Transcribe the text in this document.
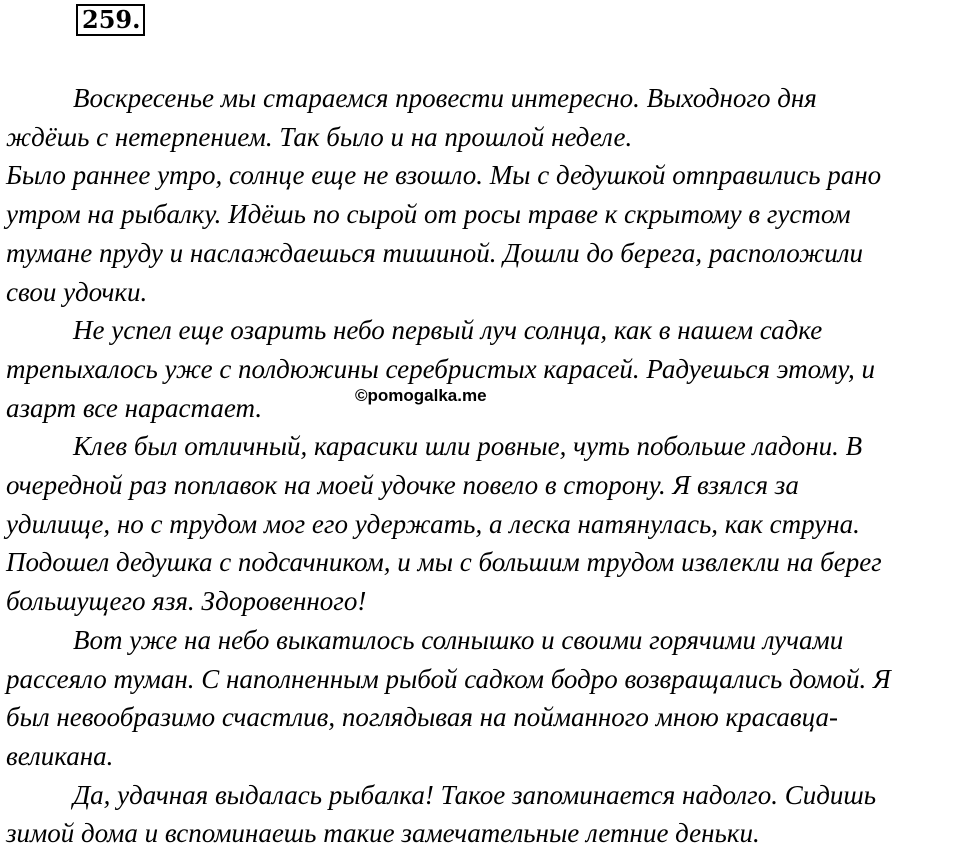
259.
Воскресенье мы стараемся провести интересно. Выходного дня
ждёшь с нетерпением. Так было и на прошлой неделе.
Было раннее утро, солнце еще не взошло. Мы с дедушкой отправились рано
утром на рыбалку. Идёшь по сырой от росы траве к скрытому в густом
тумане пруду и наслаждаешься тишиной. Дошли до берега, расположили
свои удочки.
Не успел еще озарить небо первый луч солнца, как в нашем садке
трепыхалось уже с полдюжины серебристых карасей. Радуешься этому, и
азарт все нарастает.
Клев был отличный, карасики шли ровные, чуть побольше ладони. В
очередной раз поплавок на моей удочке повело в сторону. Я взялся за
удилище, но с трудом мог его удержать, а леска натянулась, как струна.
Подошел дедушка с подсачником, и мы с большим трудом извлекли на берег
большущего язя. Здоровенного!
Вот уже на небо выкатилось солнышко и своими горячими лучами
рассеяло туман. С наполненным рыбой садком бодро возвращались домой. Я
был невообразимо счастлив, поглядывая на пойманного мною красавца-
великана.
Да, удачная выдалась рыбалка! Такое запоминается надолго. Сидишь
зимой дома и вспоминаешь такие замечательные летние деньки.
©pomogalka.me
